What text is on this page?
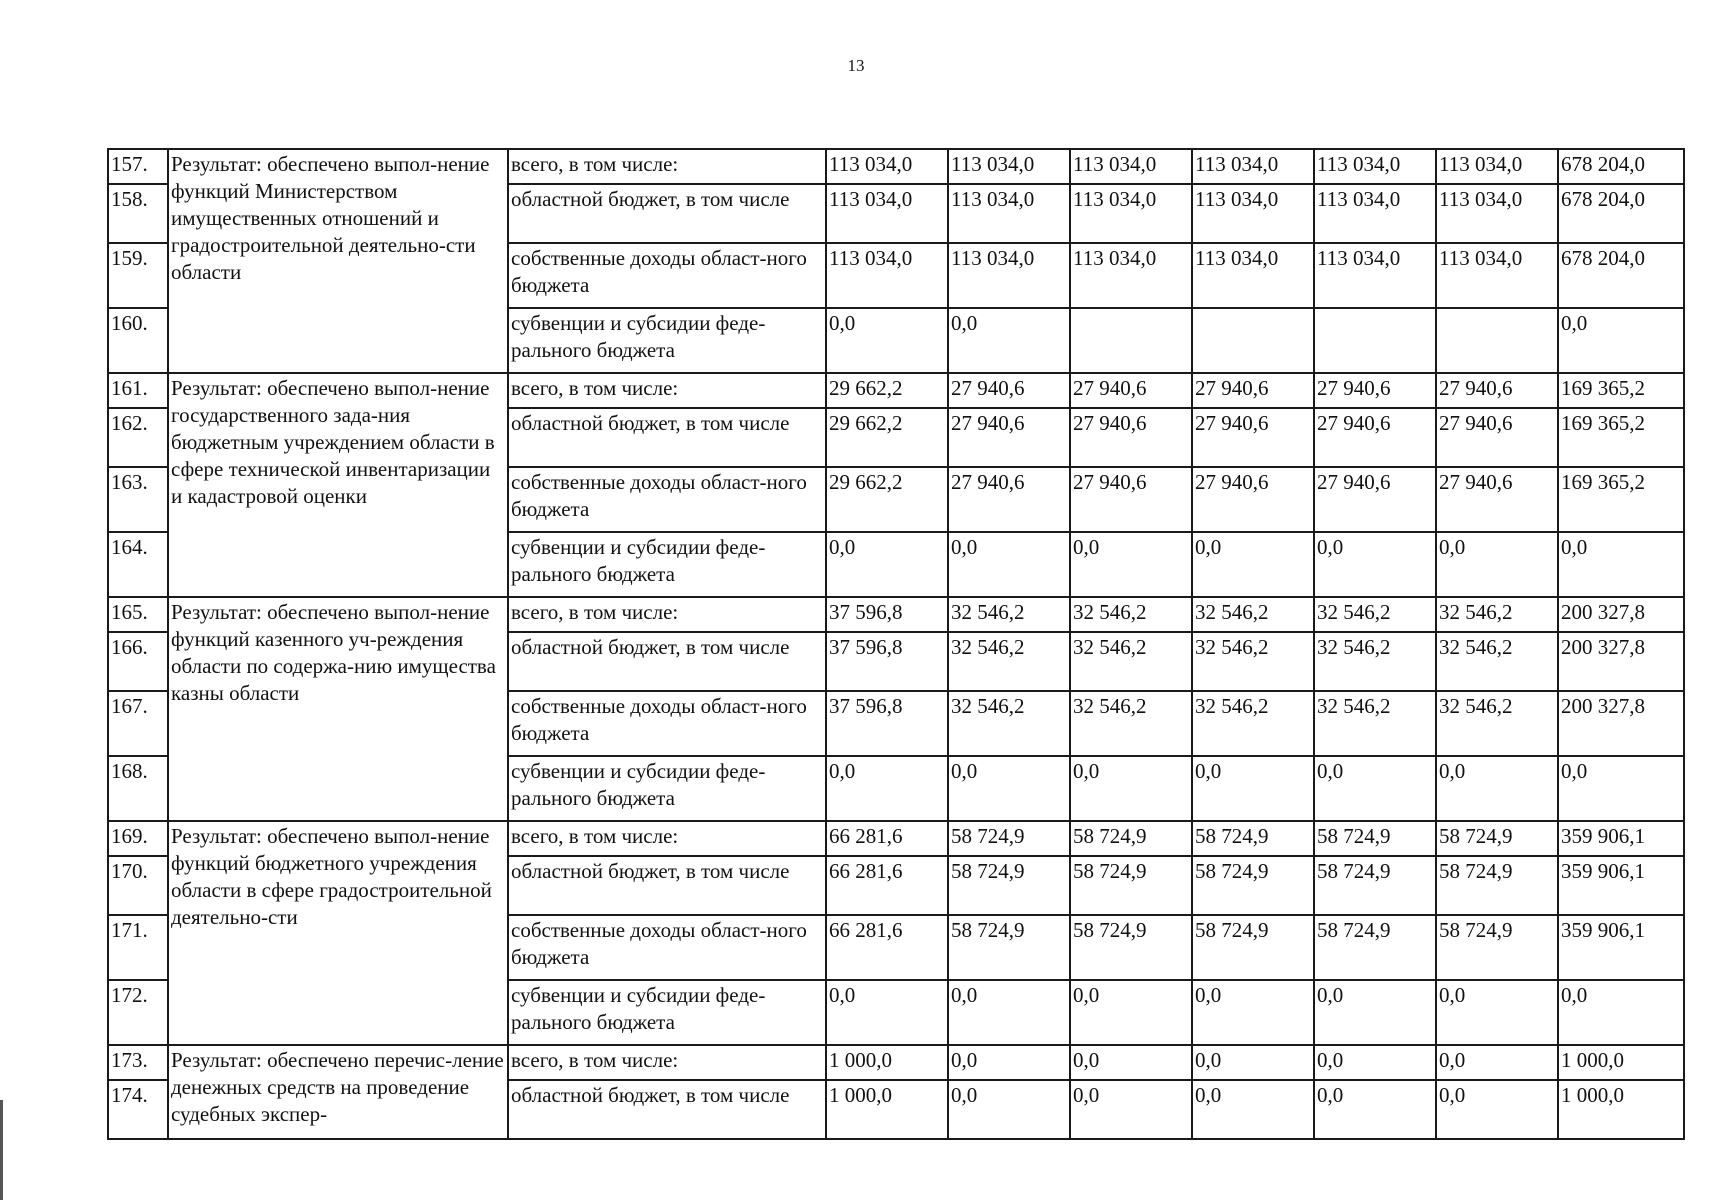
13
157.	Результат: обеспечено выпол-нение функций Министерством имущественных отношений и градостроительной деятельно-сти области	всего, в том числе:	113 034,0	113 034,0	113 034,0	113 034,0	113 034,0	113 034,0	678 204,0
158.		областной бюджет, в том числе	113 034,0	113 034,0	113 034,0	113 034,0	113 034,0	113 034,0	678 204,0
159.		собственные доходы област-ного бюджета	113 034,0	113 034,0	113 034,0	113 034,0	113 034,0	113 034,0	678 204,0
160.		субвенции и субсидии феде-рального бюджета	0,0	0,0					0,0
161.	Результат: обеспечено выпол-нение государственного зада-ния бюджетным учреждением области в сфере технической инвентаризации и кадастровой оценки	всего, в том числе:	29 662,2	27 940,6	27 940,6	27 940,6	27 940,6	27 940,6	169 365,2
162.		областной бюджет, в том числе	29 662,2	27 940,6	27 940,6	27 940,6	27 940,6	27 940,6	169 365,2
163.		собственные доходы област-ного бюджета	29 662,2	27 940,6	27 940,6	27 940,6	27 940,6	27 940,6	169 365,2
164.		субвенции и субсидии феде-рального бюджета	0,0	0,0	0,0	0,0	0,0	0,0	0,0
165.	Результат: обеспечено выпол-нение функций казенного уч-реждения области по содержа-нию имущества казны области	всего, в том числе:	37 596,8	32 546,2	32 546,2	32 546,2	32 546,2	32 546,2	200 327,8
166.		областной бюджет, в том числе	37 596,8	32 546,2	32 546,2	32 546,2	32 546,2	32 546,2	200 327,8
167.		собственные доходы област-ного бюджета	37 596,8	32 546,2	32 546,2	32 546,2	32 546,2	32 546,2	200 327,8
168.		субвенции и субсидии феде-рального бюджета	0,0	0,0	0,0	0,0	0,0	0,0	0,0
169.	Результат: обеспечено выпол-нение функций бюджетного учреждения области в сфере градостроительной деятельно-сти	всего, в том числе:	66 281,6	58 724,9	58 724,9	58 724,9	58 724,9	58 724,9	359 906,1
170.		областной бюджет, в том числе	66 281,6	58 724,9	58 724,9	58 724,9	58 724,9	58 724,9	359 906,1
171.		собственные доходы област-ного бюджета	66 281,6	58 724,9	58 724,9	58 724,9	58 724,9	58 724,9	359 906,1
172.		субвенции и субсидии феде-рального бюджета	0,0	0,0	0,0	0,0	0,0	0,0	0,0
173.	Результат: обеспечено перечис-ление денежных средств на проведение судебных экспер-	всего, в том числе:	1 000,0	0,0	0,0	0,0	0,0	0,0	1 000,0
174.		областной бюджет, в том числе	1 000,0	0,0	0,0	0,0	0,0	0,0	1 000,0
